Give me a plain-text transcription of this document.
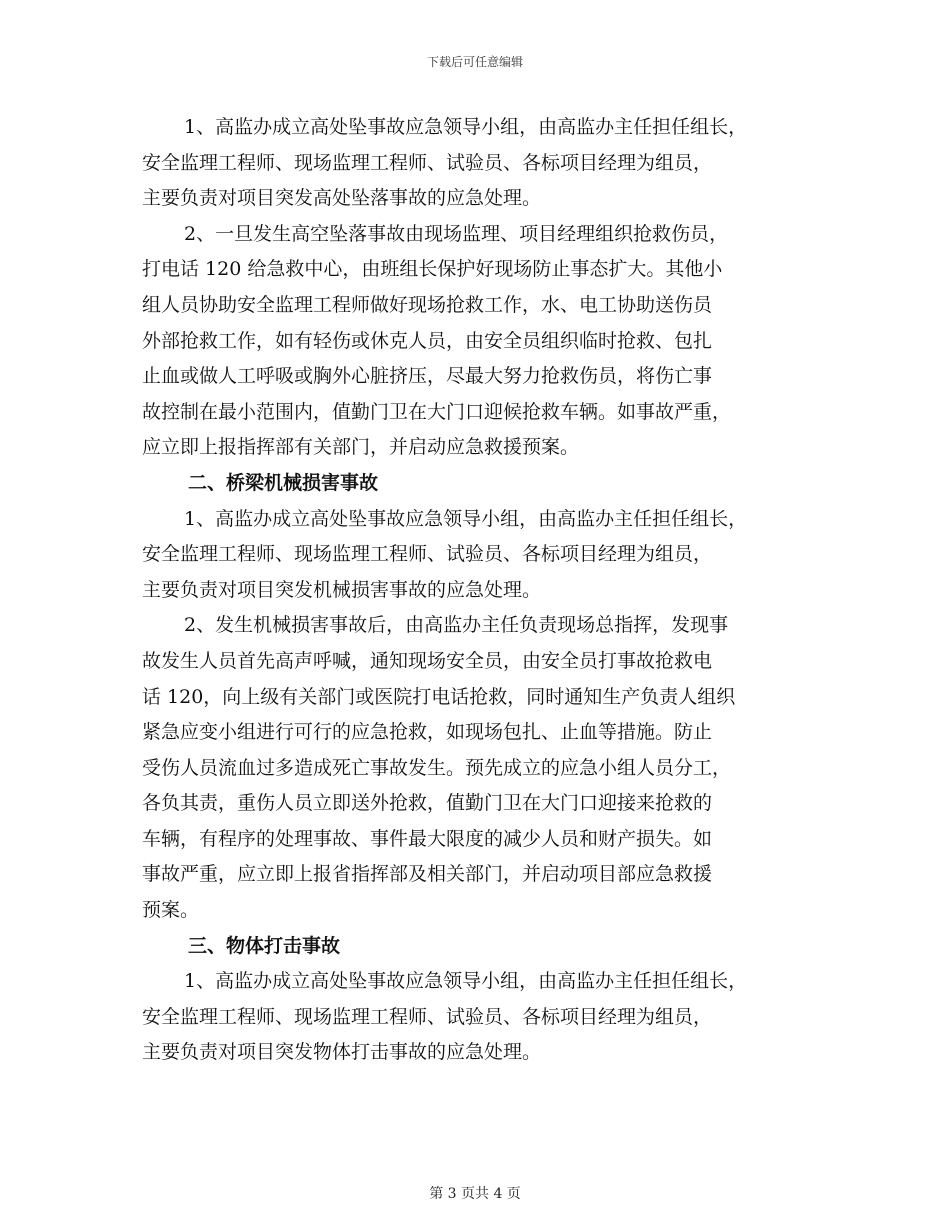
下载后可任意编辑
1、高监办成立高处坠事故应急领导小组，由高监办主任担任组长，
安全监理工程师、现场监理工程师、试验员、各标项目经理为组员，
主要负责对项目突发高处坠落事故的应急处理。
2、一旦发生高空坠落事故由现场监理、项目经理组织抢救伤员，
打电话 120 给急救中心，由班组长保护好现场防止事态扩大。其他小
组人员协助安全监理工程师做好现场抢救工作，水、电工协助送伤员
外部抢救工作，如有轻伤或休克人员，由安全员组织临时抢救、包扎
止血或做人工呼吸或胸外心脏挤压，尽最大努力抢救伤员，将伤亡事
故控制在最小范围内，值勤门卫在大门口迎候抢救车辆。如事故严重，
应立即上报指挥部有关部门，并启动应急救援预案。
二、桥梁机械损害事故
1、高监办成立高处坠事故应急领导小组，由高监办主任担任组长，
安全监理工程师、现场监理工程师、试验员、各标项目经理为组员，
主要负责对项目突发机械损害事故的应急处理。
2、发生机械损害事故后，由高监办主任负责现场总指挥，发现事
故发生人员首先高声呼喊，通知现场安全员，由安全员打事故抢救电
话 120，向上级有关部门或医院打电话抢救，同时通知生产负责人组织
紧急应变小组进行可行的应急抢救，如现场包扎、止血等措施。防止
受伤人员流血过多造成死亡事故发生。预先成立的应急小组人员分工，
各负其责，重伤人员立即送外抢救，值勤门卫在大门口迎接来抢救的
车辆，有程序的处理事故、事件最大限度的减少人员和财产损失。如
事故严重，应立即上报省指挥部及相关部门，并启动项目部应急救援
预案。
三、物体打击事故
1、高监办成立高处坠事故应急领导小组，由高监办主任担任组长，
安全监理工程师、现场监理工程师、试验员、各标项目经理为组员，
主要负责对项目突发物体打击事故的应急处理。
第 3 页共 4 页
